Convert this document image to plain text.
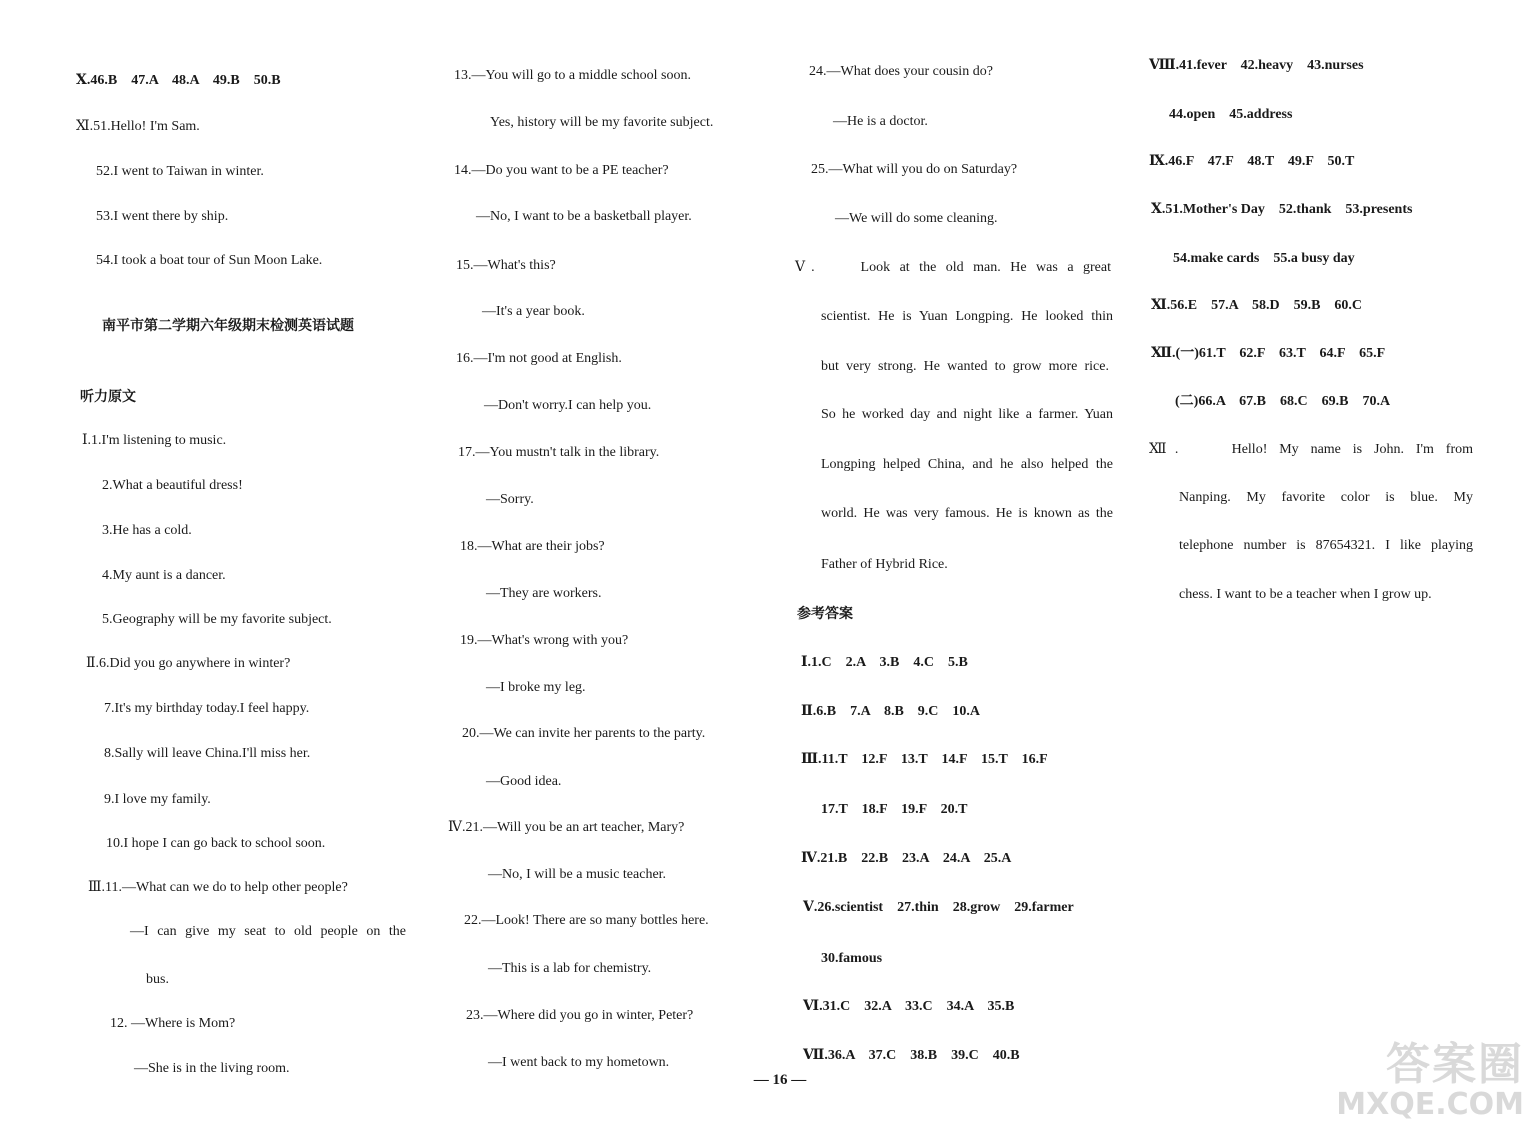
Ⅹ.46.B　47.A　48.A　49.B　50.B
Ⅺ.51.Hello! I'm Sam.
52.I went to Taiwan in winter.
53.I went there by ship.
54.I took a boat tour of Sun Moon Lake.
南平市第二学期六年级期末检测英语试题
听力原文
Ⅰ.1.I'm listening to music.
2.What a beautiful dress!
3.He has a cold.
4.My aunt is a dancer.
5.Geography will be my favorite subject.
Ⅱ.6.Did you go anywhere in winter?
7.It's my birthday today.I feel happy.
8.Sally will leave China.I'll miss her.
9.I love my family.
10.I hope I can go back to school soon.
Ⅲ.11.—What can we do to help other people?
—I can give my seat to old people on the
bus.
12. —Where is Mom?
—She is in the living room.
13.—You will go to a middle school soon.
Yes, history will be my favorite subject.
14.—Do you want to be a PE teacher?
—No, I want to be a basketball player.
15.—What's this?
—It's a year book.
16.—I'm not good at English.
—Don't worry.I can help you.
17.—You mustn't talk in the library.
—Sorry.
18.—What are their jobs?
—They are workers.
19.—What's wrong with you?
—I broke my leg.
20.—We can invite her parents to the party.
—Good idea.
Ⅳ.21.—Will you be an art teacher, Mary?
—No, I will be a music teacher.
22.—Look! There are so many bottles here.
—This is a lab for chemistry.
23.—Where did you go in winter, Peter?
—I went back to my hometown.
24.—What does your cousin do?
—He is a doctor.
25.—What will you do on Saturday?
—We will do some cleaning.
Ⅴ.　　Look at the old man. He was a great
scientist. He is Yuan Longping. He looked thin
but very strong. He wanted to grow more rice.
So he worked day and night like a farmer. Yuan
Longping helped China, and he also helped the
world. He was very famous. He is known as the
Father of Hybrid Rice.
参考答案
Ⅰ.1.C　2.A　3.B　4.C　5.B
Ⅱ.6.B　7.A　8.B　9.C　10.A
Ⅲ.11.T　12.F　13.T　14.F　15.T　16.F
17.T　18.F　19.F　20.T
Ⅳ.21.B　22.B　23.A　24.A　25.A
Ⅴ.26.scientist　27.thin　28.grow　29.farmer
30.famous
Ⅵ.31.C　32.A　33.C　34.A　35.B
Ⅶ.36.A　37.C　38.B　39.C　40.B
Ⅷ.41.fever　42.heavy　43.nurses
44.open　45.address
Ⅸ.46.F　47.F　48.T　49.F　50.T
Ⅹ.51.Mother's Day　52.thank　53.presents
54.make cards　55.a busy day
Ⅺ.56.E　57.A　58.D　59.B　60.C
Ⅻ.(一)61.T　62.F　63.T　64.F　65.F
(二)66.A　67.B　68.C　69.B　70.A
Ⅻ.　　Hello! My name is John. I'm from
Nanping. My favorite color is blue. My
telephone number is 87654321. I like playing
chess. I want to be a teacher when I grow up.
— 16 —	答案圈
MXQE.COM
